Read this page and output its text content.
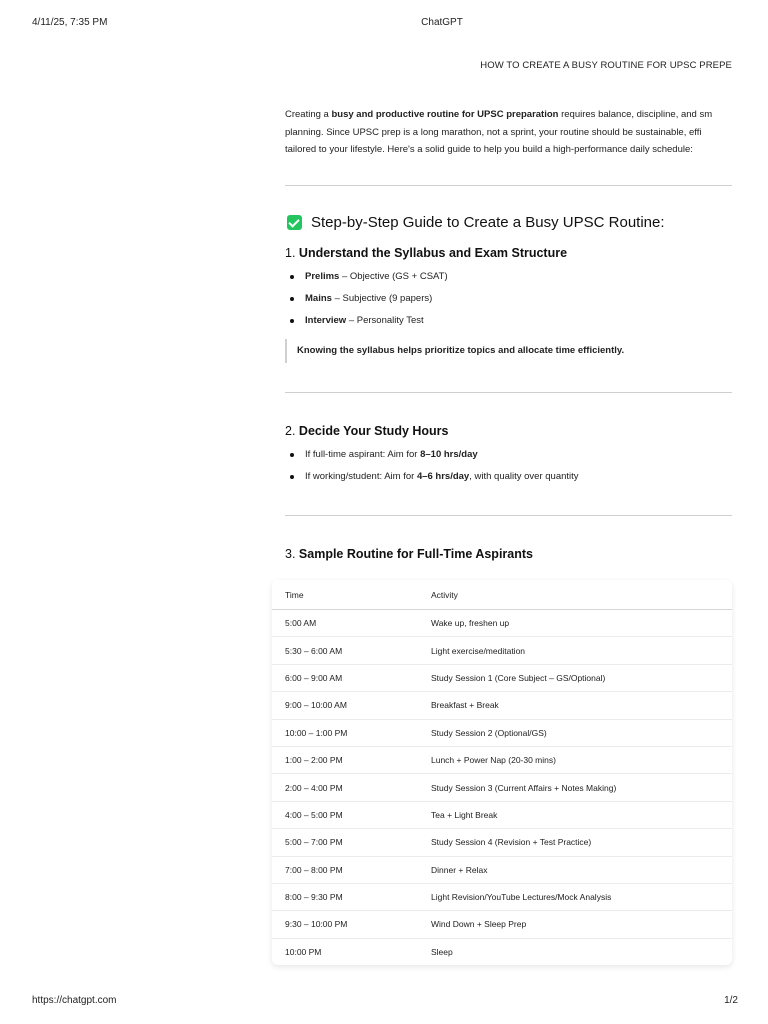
4/11/25, 7:35 PM	ChatGPT
HOW TO CREATE A BUSY ROUTINE FOR UPSC PREPE
Creating a busy and productive routine for UPSC preparation requires balance, discipline, and sm
planning. Since UPSC prep is a long marathon, not a sprint, your routine should be sustainable, effi
tailored to your lifestyle. Here's a solid guide to help you build a high-performance daily schedule:
Step-by-Step Guide to Create a Busy UPSC Routine:
1. Understand the Syllabus and Exam Structure
Prelims – Objective (GS + CSAT)
Mains – Subjective (9 papers)
Interview – Personality Test
Knowing the syllabus helps prioritize topics and allocate time efficiently.
2. Decide Your Study Hours
If full-time aspirant: Aim for 8–10 hrs/day
If working/student: Aim for 4–6 hrs/day, with quality over quantity
3. Sample Routine for Full-Time Aspirants
Time	Activity
5:00 AM	Wake up, freshen up
5:30 – 6:00 AM	Light exercise/meditation
6:00 – 9:00 AM	Study Session 1 (Core Subject – GS/Optional)
9:00 – 10:00 AM	Breakfast + Break
10:00 – 1:00 PM	Study Session 2 (Optional/GS)
1:00 – 2:00 PM	Lunch + Power Nap (20-30 mins)
2:00 – 4:00 PM	Study Session 3 (Current Affairs + Notes Making)
4:00 – 5:00 PM	Tea + Light Break
5:00 – 7:00 PM	Study Session 4 (Revision + Test Practice)
7:00 – 8:00 PM	Dinner + Relax
8:00 – 9:30 PM	Light Revision/YouTube Lectures/Mock Analysis
9:30 – 10:00 PM	Wind Down + Sleep Prep
10:00 PM	Sleep
https://chatgpt.com	1/2
